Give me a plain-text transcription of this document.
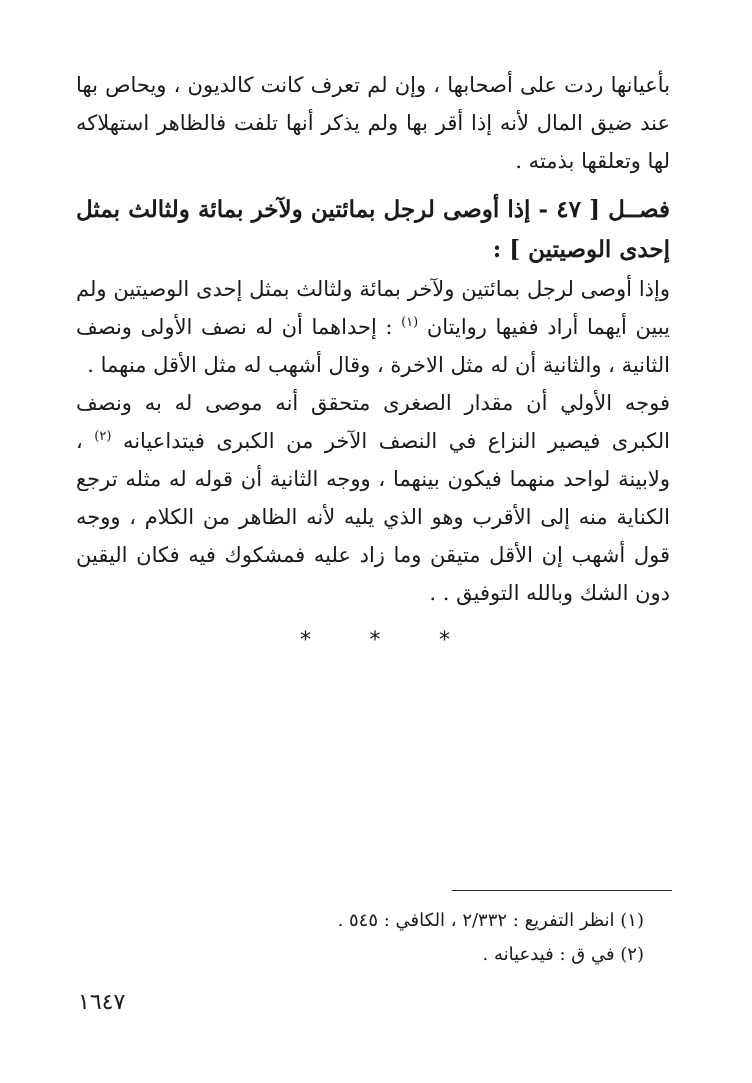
بأعيانها ردت على أصحابها ، وإن لم تعرف كانت كالديون ، ويحاص بها عند ضيق المال لأنه إذا أقر بها ولم يذكر أنها تلفت فالظاهر استهلاكه لها وتعلقها بذمته .

فصــل [ ٤٧ - إذا أوصى لرجل بمائتين ولآخر بمائة ولثالث بمثل إحدى الوصيتين ] :

وإذا أوصى لرجل بمائتين ولآخر بمائة ولثالث بمثل إحدى الوصيتين ولم يبين أيهما أراد ففيها روايتان $^{(١)}$ : إحداهما أن له نصف الأولى ونصف الثانية ، والثانية أن له مثل الاخرة ، وقال أشهب له مثل الأقل منهما .

فوجه الأولي أن مقدار الصغرى متحقق أنه موصى له به ونصف الكبرى فيصير النزاع في النصف الآخر من الكبرى فيتداعيانه $^{(٢)}$ ، ولابينة لواحد منهما فيكون بينهما ، ووجه الثانية أن قوله له مثله ترجع الكناية منه إلى الأقرب وهو الذي يليه لأنه الظاهر من الكلام ، ووجه قول أشهب إن الأقل متيقن وما زاد عليه فمشكوك فيه فكان اليقين دون الشك وبالله التوفيق . .

*	*	*
(١) انظر التفريع : ٢/٣٣٢ ، الكافي : ٥٤٥ .
(٢) في ق : فيدعيانه .
١٦٤٧
